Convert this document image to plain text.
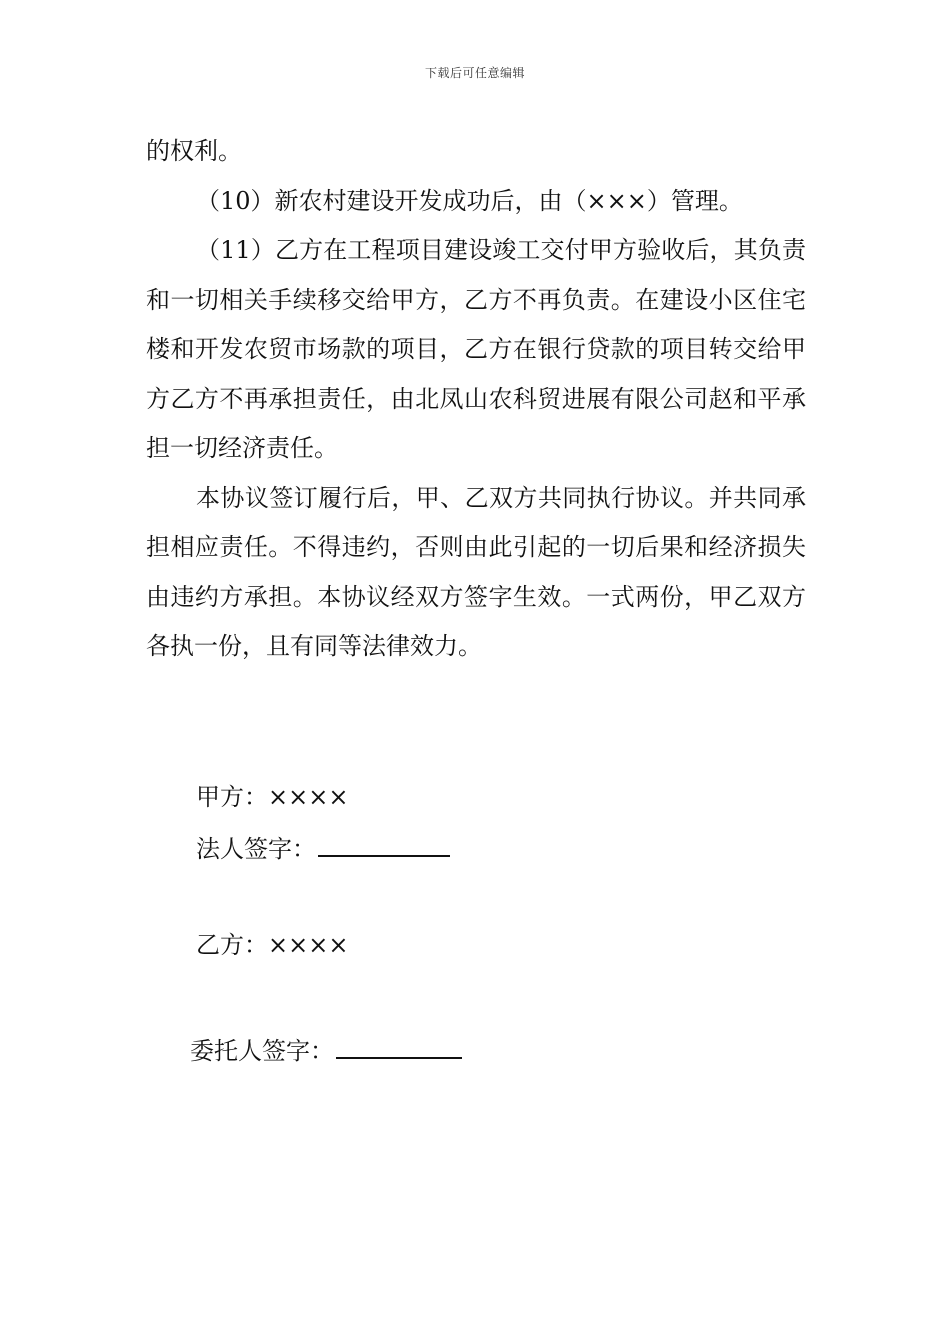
下载后可任意编辑

的权利。

（10）新农村建设开发成功后，由（×××）管理。

（11）乙方在工程项目建设竣工交付甲方验收后，其负责和一切相关手续移交给甲方，乙方不再负责。在建设小区住宅楼和开发农贸市场款的项目，乙方在银行贷款的项目转交给甲方乙方不再承担责任，由北凤山农科贸进展有限公司赵和平承担一切经济责任。

本协议签订履行后，甲、乙双方共同执行协议。并共同承担相应责任。不得违约，否则由此引起的一切后果和经济损失由违约方承担。本协议经双方签字生效。一式两份，甲乙双方各执一份，且有同等法律效力。

甲方：××××
法人签字：
乙方：××××
委托人签字：
